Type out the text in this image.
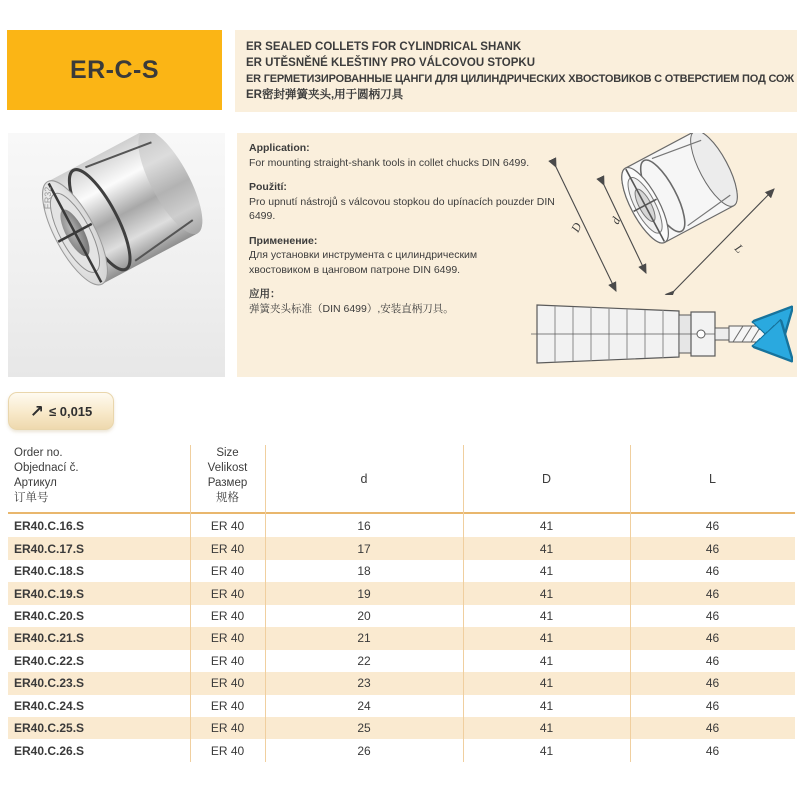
ER-C-S
ER SEALED COLLETS FOR CYLINDRICAL SHANK
ER UTĚSNĚNÉ KLEŠTINY PRO VÁLCOVOU STOPKU
ER ГЕРМЕТИЗИРОВАННЫЕ ЦАНГИ ДЛЯ ЦИЛИНДРИЧЕСКИХ ХВОСТОВИКОВ С ОТВЕРСТИЕМ ПОД СОЖ
ER密封弹簧夹头,用于圆柄刀具
ER32
Application:
For mounting straight-shank tools in collet chucks DIN 6499.
Použití:
Pro upnutí nástrojů s válcovou stopkou do upínacích pouzder DIN 6499.
Применение:
Для установки инструмента с цилиндрическим хвостовиком в цанговом патроне DIN 6499.
应用：
弹簧夹头标准（DIN 6499）,安装直柄刀具。
D d
L
↗ ≤ 0,015
Order no.
Objednací č.
Артикул
订单号
Size
Velikost
Размер
规格
d	D	L
ER40.C.16.S	ER 40	16	41	46
ER40.C.17.S	ER 40	17	41	46
ER40.C.18.S	ER 40	18	41	46
ER40.C.19.S	ER 40	19	41	46
ER40.C.20.S	ER 40	20	41	46
ER40.C.21.S	ER 40	21	41	46
ER40.C.22.S	ER 40	22	41	46
ER40.C.23.S	ER 40	23	41	46
ER40.C.24.S	ER 40	24	41	46
ER40.C.25.S	ER 40	25	41	46
ER40.C.26.S	ER 40	26	41	46
